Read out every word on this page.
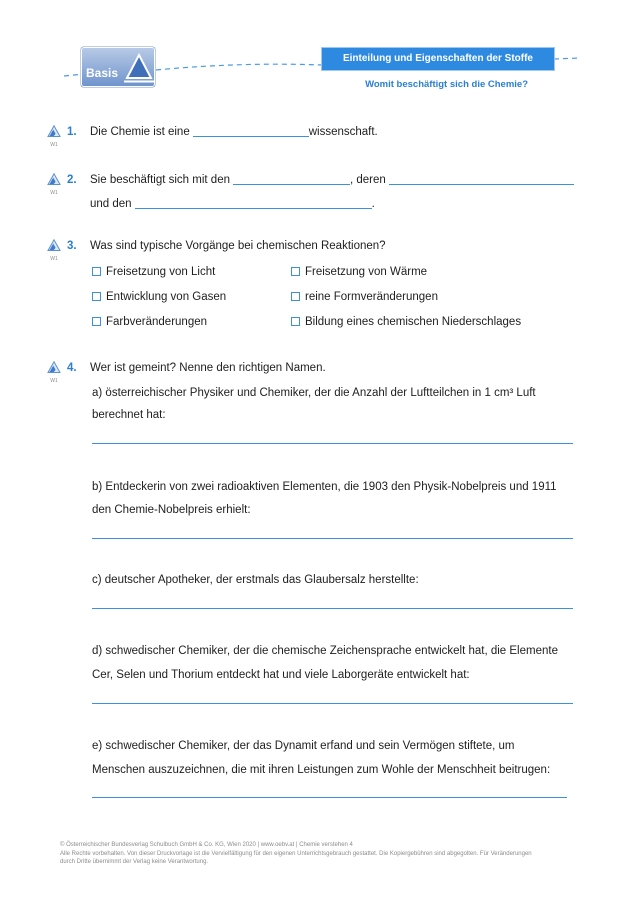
Basis
Einteilung und Eigenschaften der Stoffe
Womit beschäftigt sich die Chemie?
W1
1. Die Chemie ist eine	wissenschaft.
W1
2. Sie beschäftigt sich mit den	, deren
und den	.
W1
3. Was sind typische Vorgänge bei chemischen Reaktionen?
Freisetzung von Licht	Freisetzung von Wärme
Entwicklung von Gasen	reine Formveränderungen
Farbveränderungen	Bildung eines chemischen Niederschlages
W1
4. Wer ist gemeint? Nenne den richtigen Namen.
a) österreichischer Physiker und Chemiker, der die Anzahl der Luftteilchen in 1 cm³ Luft
berechnet hat:
b) Entdeckerin von zwei radioaktiven Elementen, die 1903 den Physik-Nobelpreis und 1911
den Chemie-Nobelpreis erhielt:
c) deutscher Apotheker, der erstmals das Glaubersalz herstellte:
d) schwedischer Chemiker, der die chemische Zeichensprache entwickelt hat, die Elemente
Cer, Selen und Thorium entdeckt hat und viele Laborgeräte entwickelt hat:
e) schwedischer Chemiker, der das Dynamit erfand und sein Vermögen stiftete, um
Menschen auszuzeichnen, die mit ihren Leistungen zum Wohle der Menschheit beitrugen:
© Österreichischer Bundesverlag Schulbuch GmbH & Co. KG, Wien 2020 | www.oebv.at | Chemie verstehen 4
Alle Rechte vorbehalten. Von dieser Druckvorlage ist die Vervielfältigung für den eigenen Unterrichtsgebrauch gestattet. Die Kopiergebühren sind abgegolten. Für Veränderungen
durch Dritte übernimmt der Verlag keine Verantwortung.
